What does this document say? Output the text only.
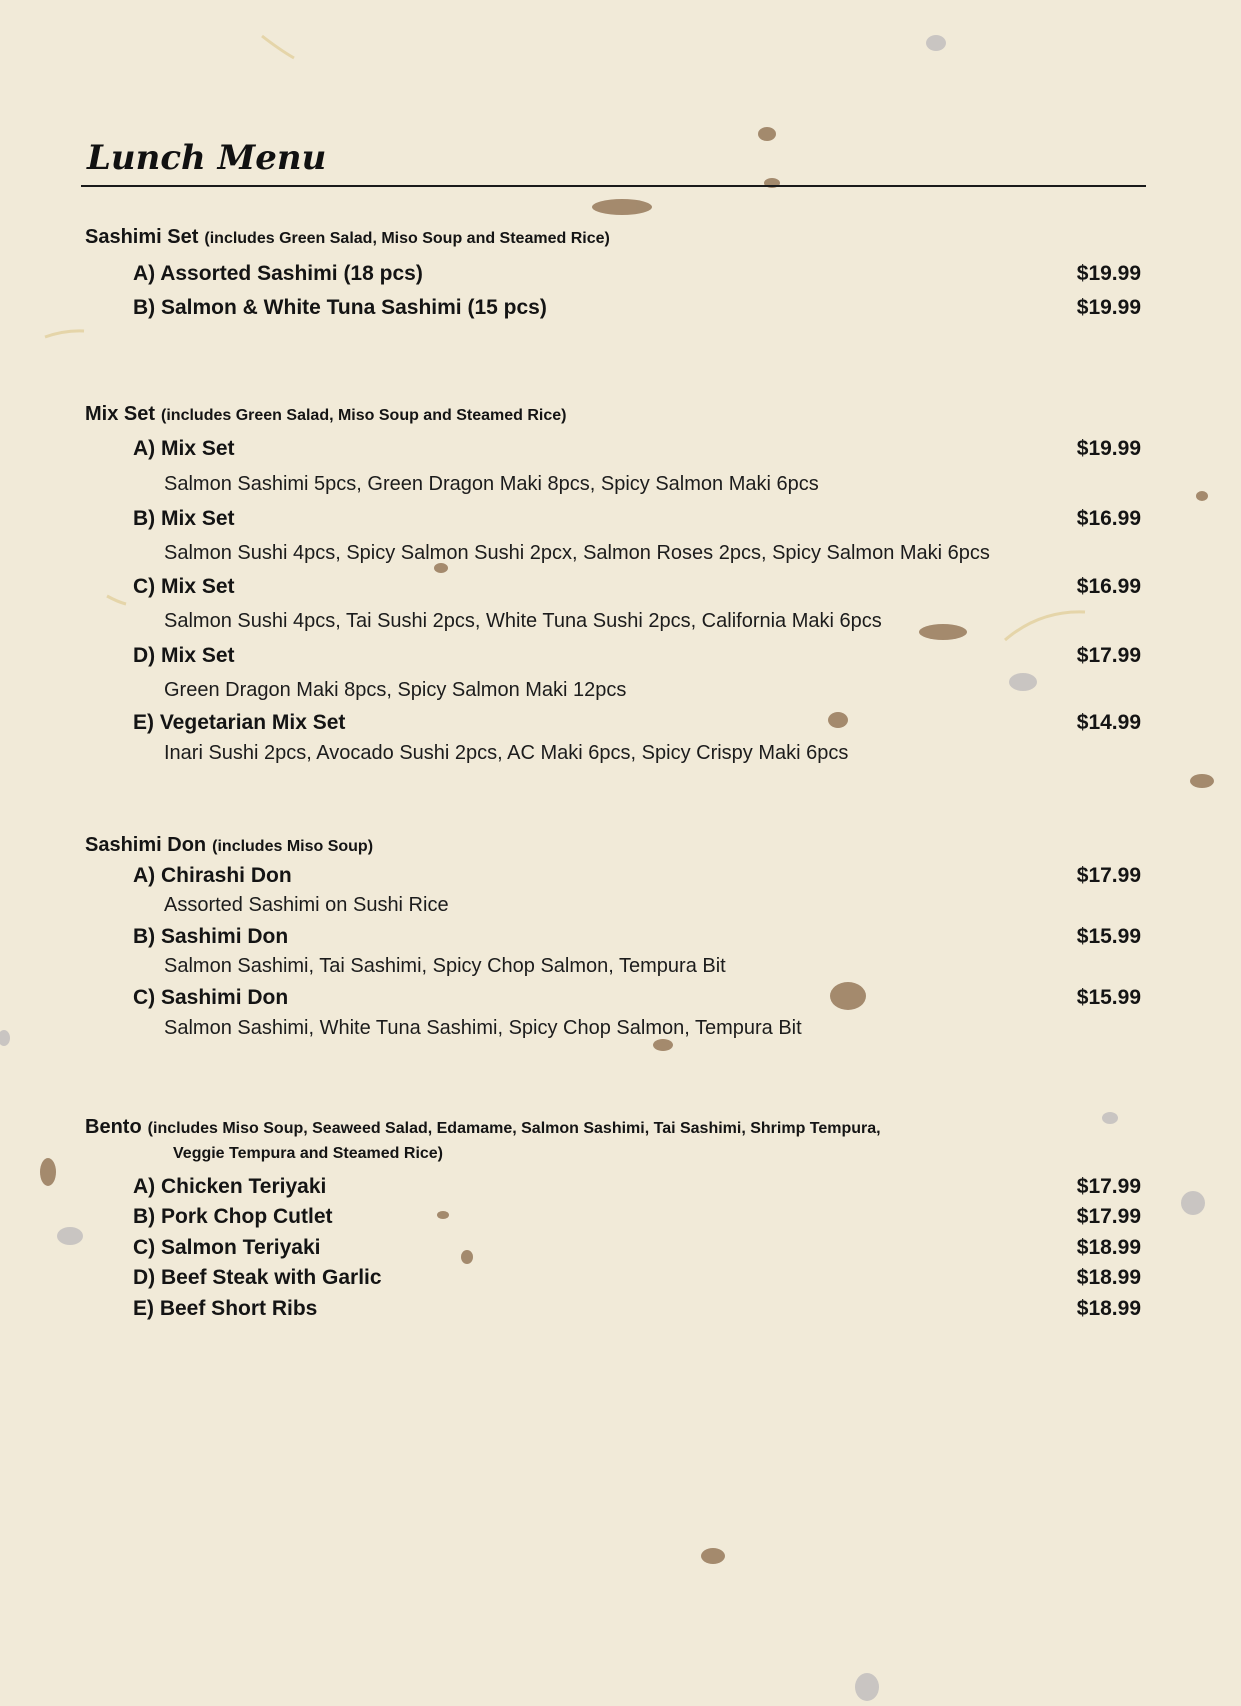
Lunch Menu
Sashimi Set (includes Green Salad, Miso Soup and Steamed Rice)
A) Assorted Sashimi (18 pcs)	$19.99
B) Salmon & White Tuna Sashimi (15 pcs)	$19.99
Mix Set (includes Green Salad, Miso Soup and Steamed Rice)
A) Mix Set	$19.99
Salmon Sashimi 5pcs, Green Dragon Maki 8pcs, Spicy Salmon Maki 6pcs
B) Mix Set	$16.99
Salmon Sushi 4pcs, Spicy Salmon Sushi 2pcx, Salmon Roses 2pcs, Spicy Salmon Maki 6pcs
C) Mix Set	$16.99
Salmon Sushi 4pcs, Tai Sushi 2pcs, White Tuna Sushi 2pcs, California Maki 6pcs
D) Mix Set	$17.99
Green Dragon Maki 8pcs, Spicy Salmon Maki 12pcs
E) Vegetarian Mix Set	$14.99
Inari Sushi 2pcs, Avocado Sushi 2pcs, AC Maki 6pcs, Spicy Crispy Maki 6pcs
Sashimi Don (includes Miso Soup)
A) Chirashi Don	$17.99
Assorted Sashimi on Sushi Rice
B) Sashimi Don	$15.99
Salmon Sashimi, Tai Sashimi, Spicy Chop Salmon, Tempura Bit
C) Sashimi Don	$15.99
Salmon Sashimi, White Tuna Sashimi, Spicy Chop Salmon, Tempura Bit
Bento (includes Miso Soup, Seaweed Salad, Edamame, Salmon Sashimi, Tai Sashimi, Shrimp Tempura,
Veggie Tempura and Steamed Rice)
A) Chicken Teriyaki	$17.99
B) Pork Chop Cutlet	$17.99
C) Salmon Teriyaki	$18.99
D) Beef Steak with Garlic	$18.99
E) Beef Short Ribs	$18.99
